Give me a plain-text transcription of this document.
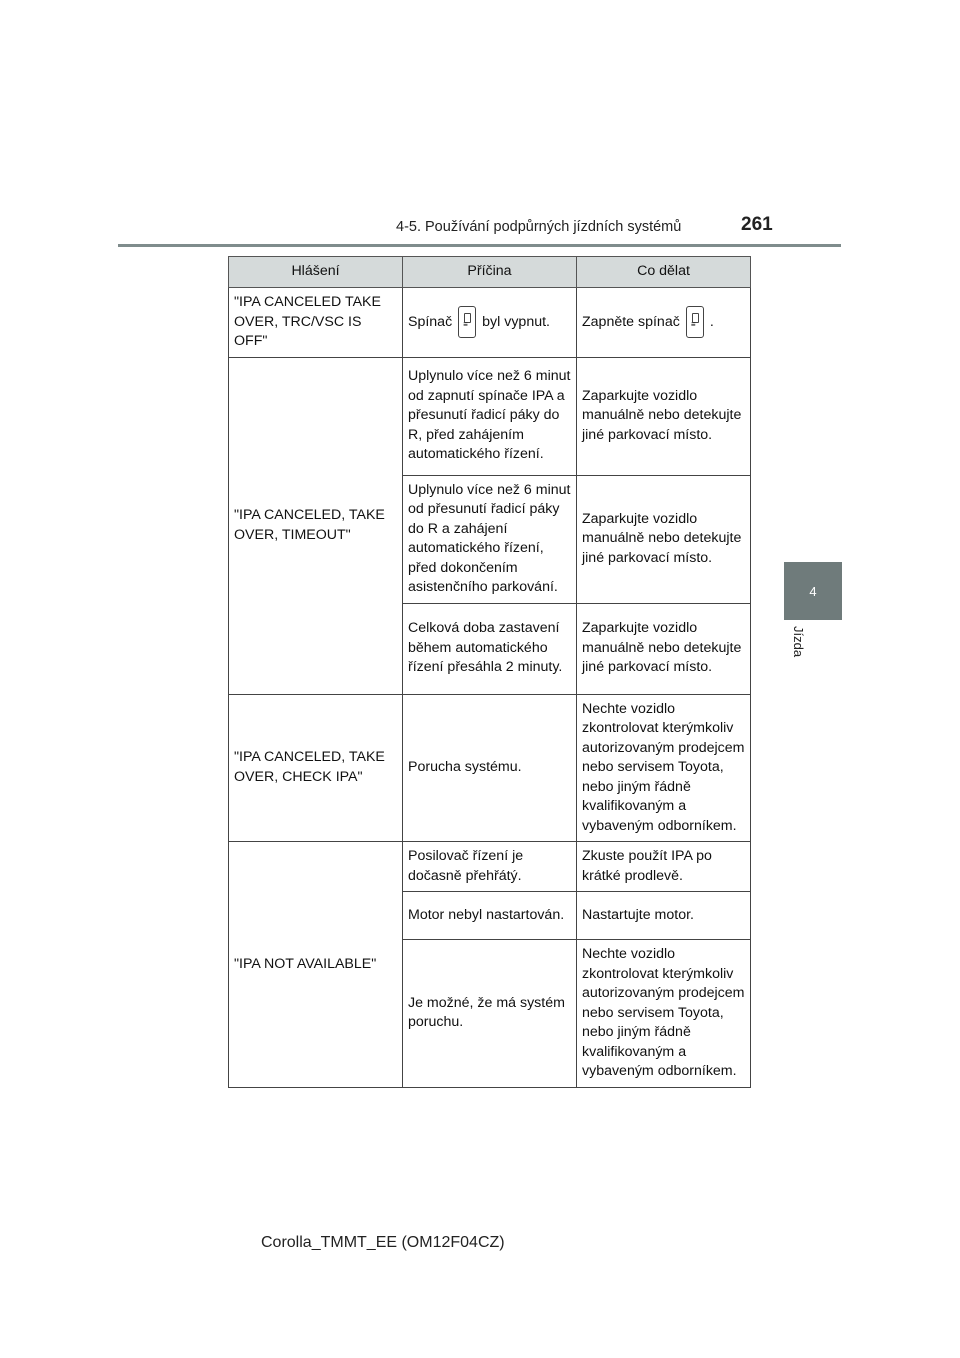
4-5. Používání podpůrných jízdních systémů	261
4
Jízda
Hlášení	Příčina	Co dělat
"IPA CANCELED TAKE OVER, TRC/VSC IS OFF"	Spínač ≡ byl vypnut.	Zapněte spínač ≡ .
"IPA CANCELED, TAKE OVER, TIMEOUT"	Uplynulo více než 6 minut od zapnutí spínače IPA a přesunutí řadicí páky do R, před zahájením automatického řízení.	Zaparkujte vozidlo manuálně nebo detekujte jiné parkovací místo.
	Uplynulo více než 6 minut od přesunutí řadicí páky do R a zahájení automatického řízení, před dokončením asistenčního parkování.	Zaparkujte vozidlo manuálně nebo detekujte jiné parkovací místo.
	Celková doba zastavení během automatického řízení přesáhla 2 minuty.	Zaparkujte vozidlo manuálně nebo detekujte jiné parkovací místo.
"IPA CANCELED, TAKE OVER, CHECK IPA"	Porucha systému.	Nechte vozidlo zkontrolovat kterýmkoliv autorizovaným prodejcem nebo servisem Toyota, nebo jiným řádně kvalifikovaným a vybaveným odborníkem.
"IPA NOT AVAILABLE"	Posilovač řízení je dočasně přehřátý.	Zkuste použít IPA po krátké prodlevě.
	Motor nebyl nastartován.	Nastartujte motor.
	Je možné, že má systém poruchu.	Nechte vozidlo zkontrolovat kterýmkoliv autorizovaným prodejcem nebo servisem Toyota, nebo jiným řádně kvalifikovaným a vybaveným odborníkem.
Corolla_TMMT_EE (OM12F04CZ)
